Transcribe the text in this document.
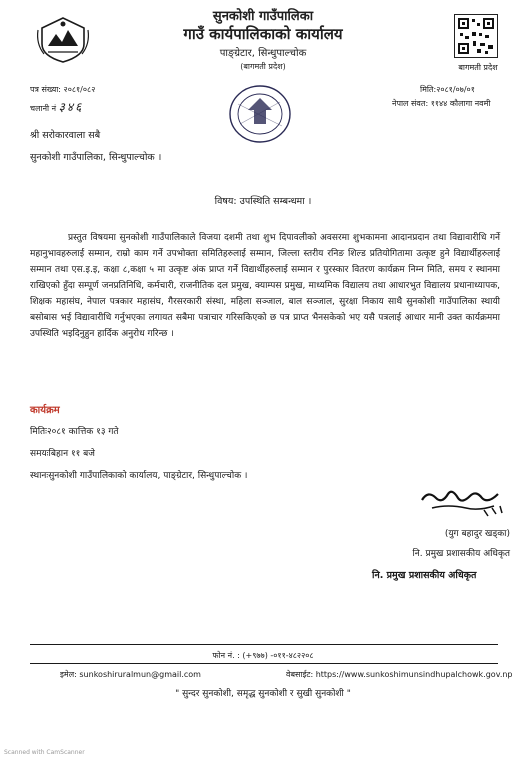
सुनकोशी गाउँपालिका
गाउँ कार्यपालिकाको कार्यालय
पाङ्ग्रेटार, सिन्धुपाल्चोक
(बागमती प्रदेश)	बागमती प्रदेश
पत्र संख्या: २०८१/०८२
चलानी नं ३४६
मिति:२०८१/०७/०१
नेपाल संवत: ११४४ कौलागा नवमी
श्री सरोकारवाला सबै
सुनकोशी गाउँपालिका, सिन्धुपाल्चोक ।
विषय: उपस्थिति सम्बन्धमा ।
प्रस्तुत विषयमा सुनकोशी गाउँपालिकाले विजया दशमी तथा शुभ दिपावलीको अवसरमा शुभकामना आदानप्रदान तथा विद्यावारीधि गर्ने महानुभावहरुलाई सम्मान, राम्रो काम गर्ने उपभोक्ता समितिहरुलाई सम्मान, जिल्ला स्तरीय रनिङ शिल्ड प्रतियोगितामा उत्कृष्ट हुने विद्यार्थीहरुलाई सम्मान तथा एस.इ.इ, कक्षा ८,कक्षा ५ मा उत्कृष्ट अंक प्राप्त गर्ने विद्यार्थीहरुलाई सम्मान र पुरस्कार वितरण कार्यक्रम निम्न मिति, समय र स्थानमा राखिएको हुँदा सम्पूर्ण जनप्रतिनिधि, कर्मचारी, राजनीतिक दल प्रमुख, क्याम्पस प्रमुख, माध्यमिक विद्यालय तथा आधारभुत विद्यालय प्रधानाध्यापक, शिक्षक महासंघ, नेपाल पत्रकार महासंघ, गैरसरकारी संस्था, महिला सञ्जाल, बाल सञ्जाल, सुरक्षा निकाय साथै सुनकोशी गाउँपालिका स्थायी बसोबास भई विद्यावारीधि गर्नुभएका लगायत सबैमा पत्राचार गरिसकिएको छ पत्र प्राप्त भैनसकेको भए यसै पत्रलाई आधार मानी उक्त कार्यक्रममा उपस्थिति भइदिनुहुन हार्दिक अनुरोध गरिन्छ ।
कार्यक्रम
मितिः२०८१ कात्तिक १३ गते
समयःबिहान ११ बजे
स्थानःसुनकोशी गाउँपालिकाको कार्यालय, पाङ्ग्रेटार, सिन्धुपाल्चोक ।
(युग बहादुर खड्का)
नि. प्रमुख प्रशासकीय अधिकृत
नि. प्रमुख प्रशासकीय अधिकृत
फोन नं. : (+९७७) -०११-४८२२०८
इमेल: sunkoshiruralmun@gmail.com	वेबसाईट: https://www.sunkoshimunsindhupalchowk.gov.np
" सुन्दर सुनकोशी, समृद्ध सुनकोशी र सुखी सुनकोशी "
Scanned with CamScanner
